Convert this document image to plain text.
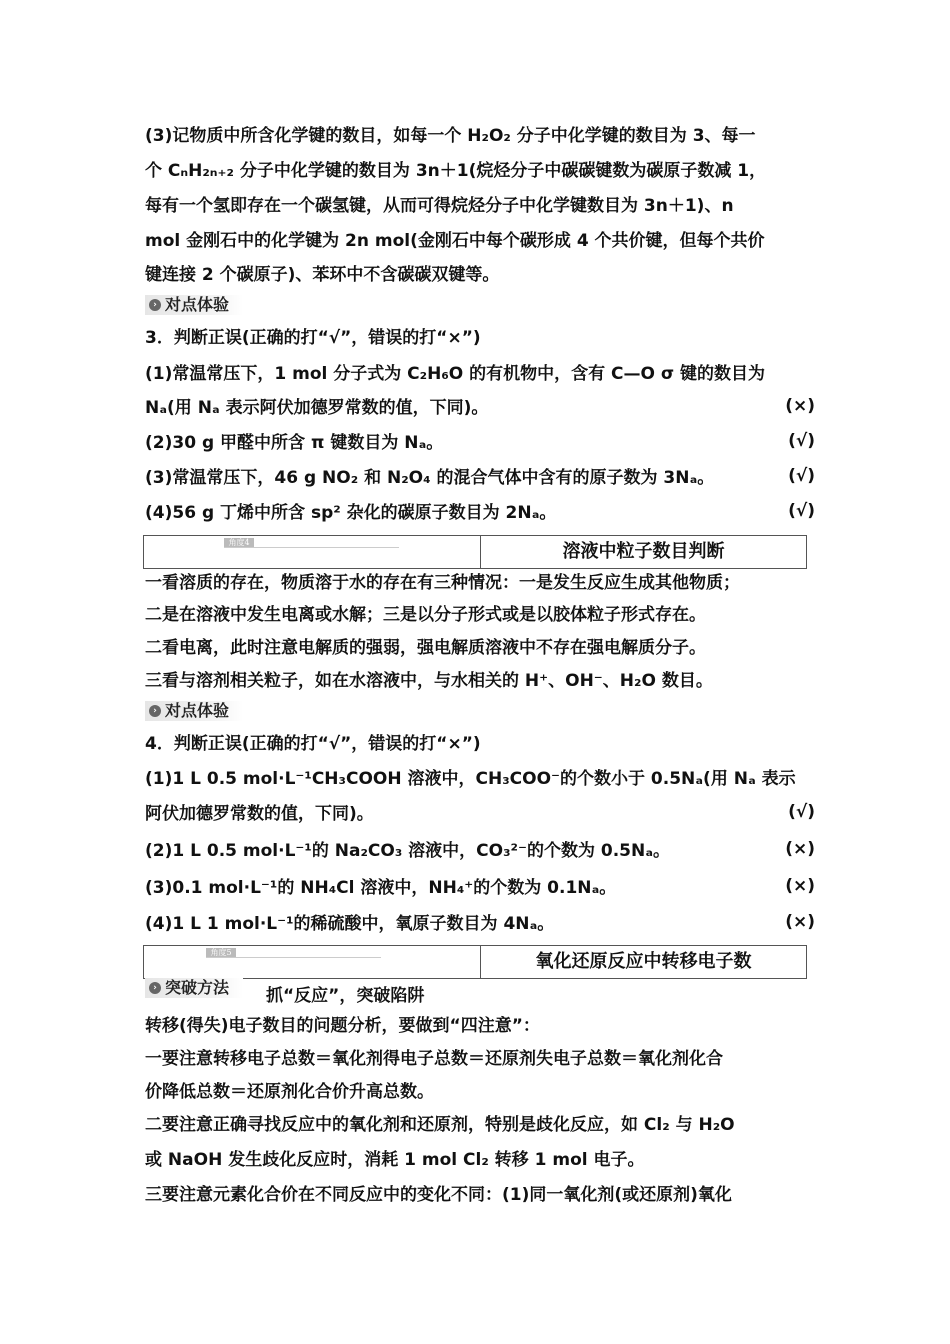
(3)记物质中所含化学键的数目，如每一个 H₂O₂ 分子中化学键的数目为 3、每一
个 CₙH₂ₙ₊₂ 分子中化学键的数目为 3n＋1(烷烃分子中碳碳键数为碳原子数减 1，
每有一个氢即存在一个碳氢键，从而可得烷烃分子中化学键数目为 3n＋1)、n
mol 金刚石中的化学键为 2n mol(金刚石中每个碳形成 4 个共价键，但每个共价
键连接 2 个碳原子)、苯环中不含碳碳双键等。
› 对点体验
3．判断正误(正确的打“√”，错误的打“×”)
(1)常温常压下，1 mol 分子式为 C₂H₆O 的有机物中，含有 C—O σ 键的数目为
Nₐ(用 Nₐ 表示阿伏加德罗常数的值，下同)。	(×)
(2)30 g 甲醛中所含 π 键数目为 Nₐ。	(√)
(3)常温常压下，46 g NO₂ 和 N₂O₄ 的混合气体中含有的原子数为 3Nₐ。	(√)
(4)56 g 丁烯中所含 sp² 杂化的碳原子数目为 2Nₐ。	(√)
角度4	溶液中粒子数目判断
一看溶质的存在，物质溶于水的存在有三种情况：一是发生反应生成其他物质；
二是在溶液中发生电离或水解；三是以分子形式或是以胶体粒子形式存在。
二看电离，此时注意电解质的强弱，强电解质溶液中不存在强电解质分子。
三看与溶剂相关粒子，如在水溶液中，与水相关的 H⁺、OH⁻、H₂O 数目。
› 对点体验
4．判断正误(正确的打“√”，错误的打“×”)
(1)1 L 0.5 mol·L⁻¹CH₃COOH 溶液中，CH₃COO⁻的个数小于 0.5Nₐ(用 Nₐ 表示
阿伏加德罗常数的值，下同)。	(√)
(2)1 L 0.5 mol·L⁻¹的 Na₂CO₃ 溶液中，CO₃²⁻的个数为 0.5Nₐ。	(×)
(3)0.1 mol·L⁻¹的 NH₄Cl 溶液中，NH₄⁺的个数为 0.1Nₐ。	(×)
(4)1 L 1 mol·L⁻¹的稀硫酸中，氧原子数目为 4Nₐ。	(×)
角度5	氧化还原反应中转移电子数
› 突破方法	抓“反应”，突破陷阱
转移(得失)电子数目的问题分析，要做到“四注意”：
一要注意转移电子总数＝氧化剂得电子总数＝还原剂失电子总数＝氧化剂化合
价降低总数＝还原剂化合价升高总数。
二要注意正确寻找反应中的氧化剂和还原剂，特别是歧化反应，如 Cl₂ 与 H₂O
或 NaOH 发生歧化反应时，消耗 1 mol Cl₂ 转移 1 mol 电子。
三要注意元素化合价在不同反应中的变化不同：(1)同一氧化剂(或还原剂)氧化
